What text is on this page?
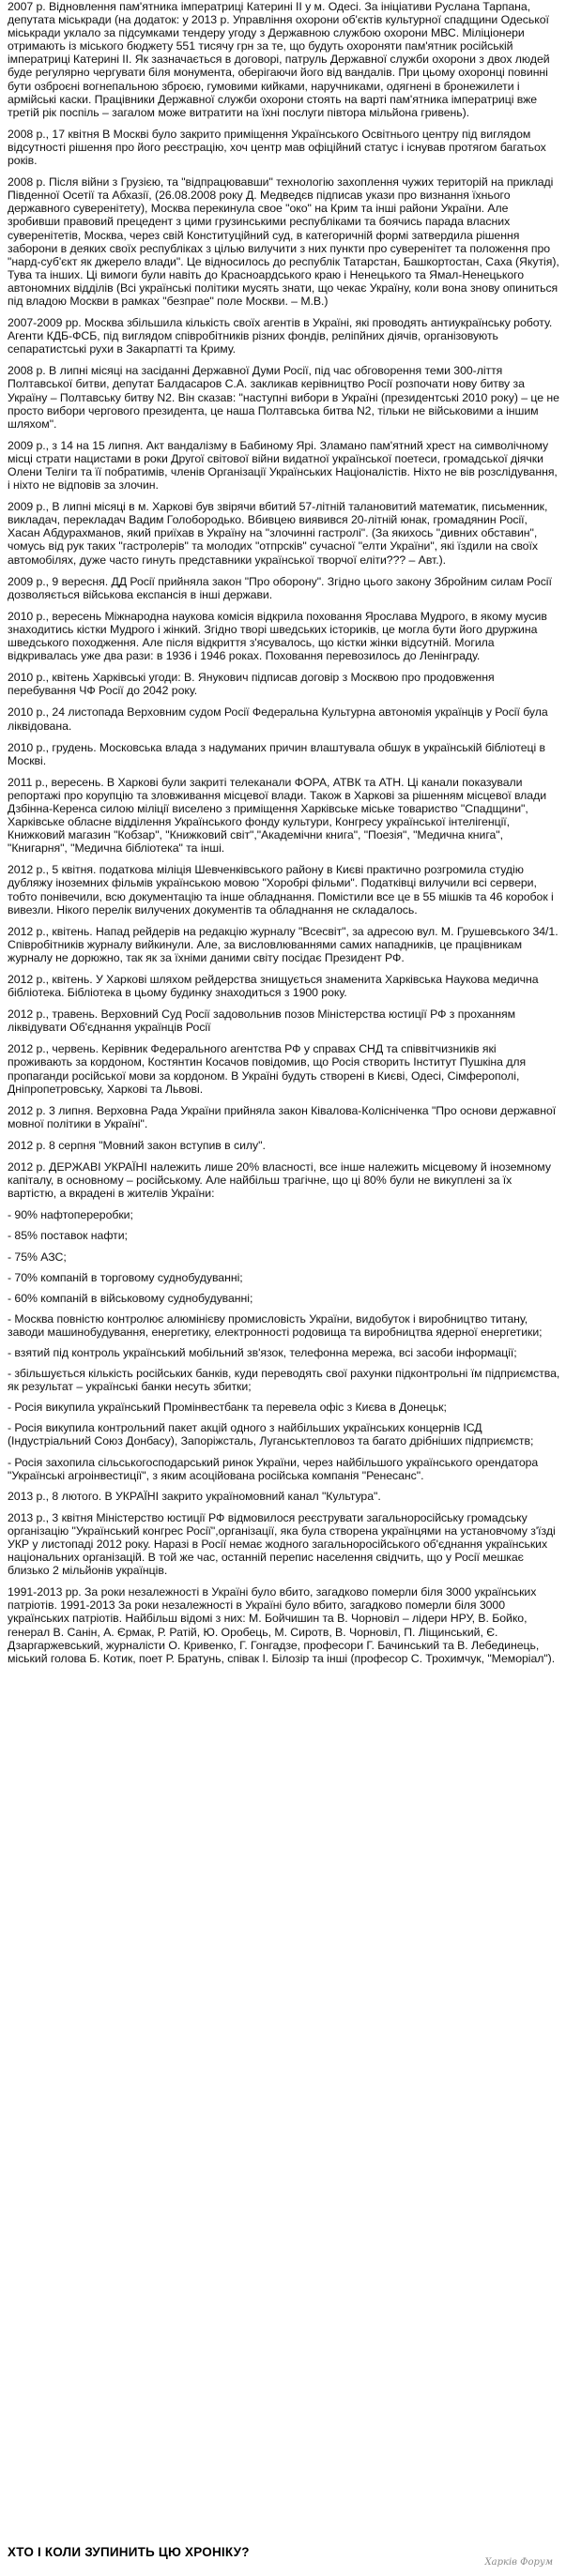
2007 р. Відновлення пам'ятника імператриці Катерині ІІ у м. Одесі. За ініціативи Руслана Тарпана, депутата міськради (на додаток: у 2013 р. Управління охорони об'єктів культурної спадщини Одеської міськради уклало за підсумками тендеру угоду з Державною службою охорони МВС. Міліціонери отримають із міського бюджету 551 тисячу грн за те, що будуть охороняти пам'ятник російській імператриці Катерині ІІ. Як зазначається в договорі, патруль Державної служби охорони з двох людей буде регулярно чергувати біля монумента, оберігаючи його від вандалів. При цьому охоронці повинні бути озброєні вогнепальною зброєю, гумовими кийками, наручниками, одягнені в бронежилети і армійські каски. Працівники Державної служби охорони стоять на варті пам'ятника імператриці вже третій рік поспіль – загалом може витратити на їхні послуги півтора мільйона гривень).

2008 р., 17 квітня В Москві було закрито приміщення Українського Освітнього центру під виглядом відсутності рішення про його реєстрацію, хоч центр мав офіційний статус і існував протягом багатьох років.

2008 р. Після війни з Грузією, та "відпрацювавши" технологію захоплення чужих територій на прикладі Південної Осетії та Абхазії, (26.08.2008 року Д. Медведєв підписав укази про визнання їхнього державного суверенітету), Москва перекинула свое "око" на Крим та інші райони України. Але зробивши правовий прецедент з цими грузинськими республіками та боячись парада власних суверенітетів, Москва, через свій Конституційний суд, в категоричній формі затвердила рішення заборони в деяких своїх республіках з цілью вилучити з них пункти про суверенітет та положення про "нард-суб'єкт як джерело влади". Це відносилось до республік Татарстан, Башкортостан, Саха (Якутія), Тува та інших. Ці вимоги були навіть до Красноардського краю і Ненецького та Ямал-Ненецького автономних відділів (Всі українські політики мусять знати, що чекає Україну, коли вона знову опиниться під владою Москви в рамках "безпрае" поле Москви. – М.В.)

2007-2009 рр. Москва збільшила кількість своїх агентів в Україні, які проводять антиукраїнську роботу. Агенти КДБ-ФСБ, під виглядом співробітників різних фондів, реліпйних діячів, організовують сепаратистські рухи в Закарпатті та Криму.

2008 р. В липні місяці на засіданні Державної Думи Росії, під час обговорення теми 300-ліття Полтавської битви, депутат Балдасаров С.А. закликав керівництво Росії розпочати нову битву за Україну – Полтавську битву N2. Він сказав: "наступні вибори в Україні (президентські 2010 року) – це не просто вибори чергового президента, це наша Полтавська битва N2, тільки не військовими а іншим шляхом".

2009 р., з 14 на 15 липня. Акт вандалізму в Бабиному Ярі. Зламано пам'ятний хрест на символічному місці страти нацистами в роки Другої світової війни видатної української поетеси, громадської діячки Олени Теліги та її побратимів, членів Організації Українських Націоналістів. Ніхто не вів розслідування, і ніхто не відповів за злочин.

2009 р., В липні місяці в м. Харкові був звірячи вбитий 57-літній талановитий математик, письменник, викладач, перекладач Вадим Голобородько. Вбивцею виявився 20-літній юнак, громадянин Росії, Хасан Абдурахманов, який приїхав в Україну на "злочинні гастролі". (За якихось "дивних обставин", чомусь від рук таких "гастролерів" та молодих "отпрсків" сучасної "елти України", які їздили на своїх автомобілях, дуже часто гинуть представники української творчої еліти??? – Авт.).

2009 р., 9 вересня. ДД Росії прийняла закон "Про оборону". Згідно цього закону Збройним силам Росії дозволяється військова експансія в інші держави.

2010 р., вересень Міжнародна наукова комісія відкрила поховання Ярослава Мудрого, в якому мусив знаходитись кістки Мудрого і жінкий. Згідно творі шведських істориків, це могла бути його друржина шведського походження. Але після відкриття з'ясувалось, що кістки жінки відсутній. Могила відкривалась уже два рази: в 1936 і 1946 роках. Поховання перевозилось до Ленінграду.

2010 р., квітень Харківські угоди: В. Янукович підписав договір з Москвою про продовження перебування ЧФ Росії до 2042 року.

2010 р., 24 листопада Верховним судом Росії Федеральна Культурна автономія українців у Росії була ліквідована.

2010 р., грудень. Московська влада з надуманих причин влаштувала обшук в українській бібліотеці в Москві.

2011 р., вересень. В Харкові були закриті телеканали ФОРА, АТВК та АТН. Ці канали показували репортажі про корупцію та зловживання місцевої влади. Також в Харкові за рішенням місцевої влади Дзбінна-Керенса силою міліції виселено з приміщення Харківське міське товариство "Спадщини", Харківське обласне відділення Українського фонду культури, Конгресу української інтелігенції, Книжковий магазин "Кобзар", "Книжковий світ","Академічни книга", "Поезія", "Медична книга", "Книгарня", "Медична бібліотека" та інші.

2012 р., 5 квітня. податкова міліція Шевченківського району в Києві практично розгромила студію дубляжу іноземних фільмів українською мовою "Хоробрі фільми". Податківці вилучили всі сервери, тобто понівечили, всю документацію та інше обладнання. Помістили все це в 55 мішків та 46 коробок і вивезли. Нікого перелік вилучених документів та обладнання не складалось.

2012 р., квітень. Напад рейдерів на редакцію журналу "Всесвіт", за адресою вул. М. Грушевського 34/1. Співробітників журналу вийкинули. Але, за висловлюваннями самих нападників, це працівникам журналу не дорюжно, так як за їхніми даними світу посідає Президент РФ.

2012 р., квітень. У Харкові шляхом рейдерства знищується знаменита Харківська Наукова медична бібліотека. Бібліотека в цьому будинку знаходиться з 1900 року.

2012 р., травень. Верховний Суд Росії задовольнив позов Міністерства юстиції РФ з проханням ліквідувати Об'єднання українців Росії

2012 р., червень. Керівник Федерального агентства РФ у справах СНД та співвітчизників які проживають за кордоном, Костянтин Косачов повідомив, що Росія створить Інститут Пушкіна для пропаганди російської мови за кордоном. В Україні будуть створені в Києві, Одесі, Сімферополі, Дніпропетровську, Харкові та Львові.

2012 р. 3 липня. Верховна Рада України прийняла закон Ківалова-Колісніченка "Про основи державної мовної політики в Україні".

2012 р. 8 серпня "Мовний закон вступив в силу".

2012 р. ДЕРЖАВІ УКРАЇНІ належить лише 20% власності, все інше належить місцевому й іноземному капіталу, в основному – російському. Але найбільш трагічне, що ці 80% були не викуплені за їх вартістю, а вкрадені в жителів України:

- 90% нафтопереробки;

- 85% поставок нафти;

- 75% АЗС;

- 70% компаній в торговому суднобудуванні;

- 60% компаній в військовому суднобудуванні;

- Москва повністю контролює алюмінієву промисловість України, видобуток і виробництво титану, заводи машинобудування, енергетику, електронності родовища та виробництва ядерної енергетики;

- взятий під контроль український мобільний зв'язок, телефонна мережа, всі засоби інформації;

- збільшується кількість російських банків, куди переводять свої рахунки підконтрольні їм підприємства, як результат – українські банки несуть збитки;

- Росія викупила український Промінвестбанк та перевела офіс з Києва в Донецьк;

- Росія викупила контрольний пакет акцій одного з найбільших українських концернів ІСД (Індустріальний Союз Донбасу), Запоріжсталь, Луганськтепловоз та багато дрібніших підприємств;

- Росія захопила сільськогосподарський ринок України, через найбільшого українського орендатора "Українські агроінвестиції", з яким асоційована російська компанія "Ренесанс".

2013 р., 8 лютого. В УКРАЇНІ закрито україномовний канал "Культура".

2013 р., 3 квітня Міністерство юстиції РФ відмовилося реєструвати загальноросійську громадську організацію "Український конгрес Росії",організації, яка була створена українцями на установчому з'їзді УКР у листопаді 2012 року. Наразі в Росії немає жодного загальноросійського об'єднання українських національних організацій. В той же час, останній перепис населення свідчить, що у Росії мешкає близько 2 мільйонів українців.

1991-2013 рр. За роки незалежності в Україні було вбито, загадково померли біля 3000 українських патріотів. 1991-2013 За роки незалежності в Україні було вбито, загадково померли біля 3000 українських патріотів. Найбільш відомі з них: М. Бойчишин та В. Чорновіл – лідери НРУ, В. Бойко, генерал В. Санін, А. Єрмак, Р. Ратій, Ю. Оробець, М. Сиротв, В. Чорновіл, П. Ліщинський, Є. Дзаргаржевський, журналісти О. Кривенко, Г. Гонгадзе, професори Г. Бачинський та В. Лебединець, міський голова Б. Котик, поет Р. Братунь, співак І. Білозір та інші (професор С. Трохимчук, "Меморіал").

ХТО І КОЛИ ЗУПИНИТЬ ЦЮ ХРОНІКУ?
Харків Форум
